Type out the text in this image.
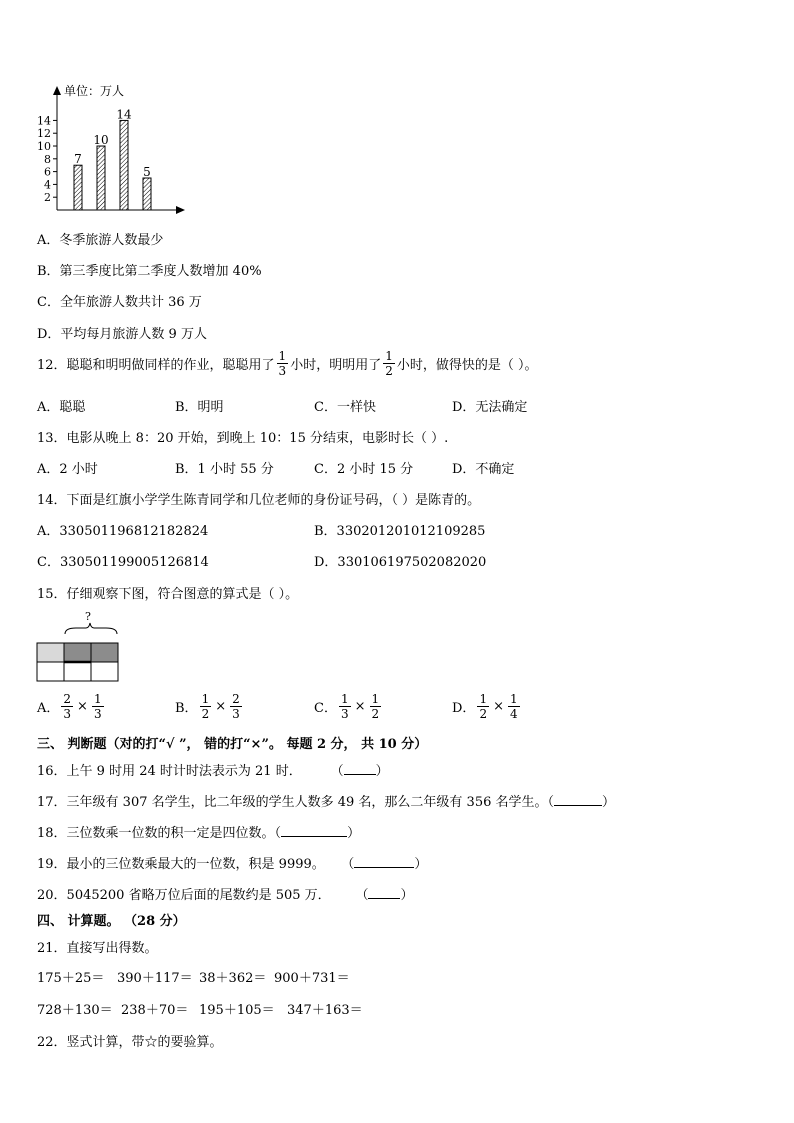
单位：万人
2
4
6
8
10
12
14
7
10
14
5
A．冬季旅游人数最少
B．第三季度比第二季度人数增加 40%
C．全年旅游人数共计 36 万
D．平均每月旅游人数 9 万人
12．聪聪和明明做同样的作业，聪聪用了 $\frac{1}{3}$ 小时，明明用了 $\frac{1}{2}$ 小时，做得快的是（ ）。
A．聪聪	B．明明	C．一样快	D．无法确定
13．电影从晚上 8：20 开始，到晚上 10：15 分结束，电影时长（ ）.
A．2 小时	B．1 小时 55 分	C．2 小时 15 分	D．不确定
14．下面是红旗小学学生陈青同学和几位老师的身份证号码，（ ）是陈青的。
A．330501196812182824	B．330201201012109285
C．330501199005126814	D．330106197502082020
15．仔细观察下图，符合图意的算式是（ ）。
?
A． $\frac{2}{3} \times \frac{1}{3}$	B． $\frac{1}{2} \times \frac{2}{3}$	C． $\frac{1}{3} \times \frac{1}{2}$	D． $\frac{1}{2} \times \frac{1}{4}$
三、 判断题（对的打“√ ”， 错的打“×”。 每题 2 分， 共 10 分）
16．上午 9 时用 24 时计时法表示为 21 时． （ ）
17．三年级有 307 名学生，比二年级的学生人数多 49 名，那么二年级有 356 名学生。（	）
18．三位数乘一位数的积一定是四位数。（	）
19．最小的三位数乘最大的一位数，积是 9999。 （	）
20．5045200 省略万位后面的尾数约是 505 万． （ ）
四、 计算题。 （28 分）
21．直接写出得数。
175＋25＝ 390＋117＝ 38＋362＝ 900＋731＝
728＋130＝ 238＋70＝ 195＋105＝ 347＋163＝
22．竖式计算，带☆的要验算。
